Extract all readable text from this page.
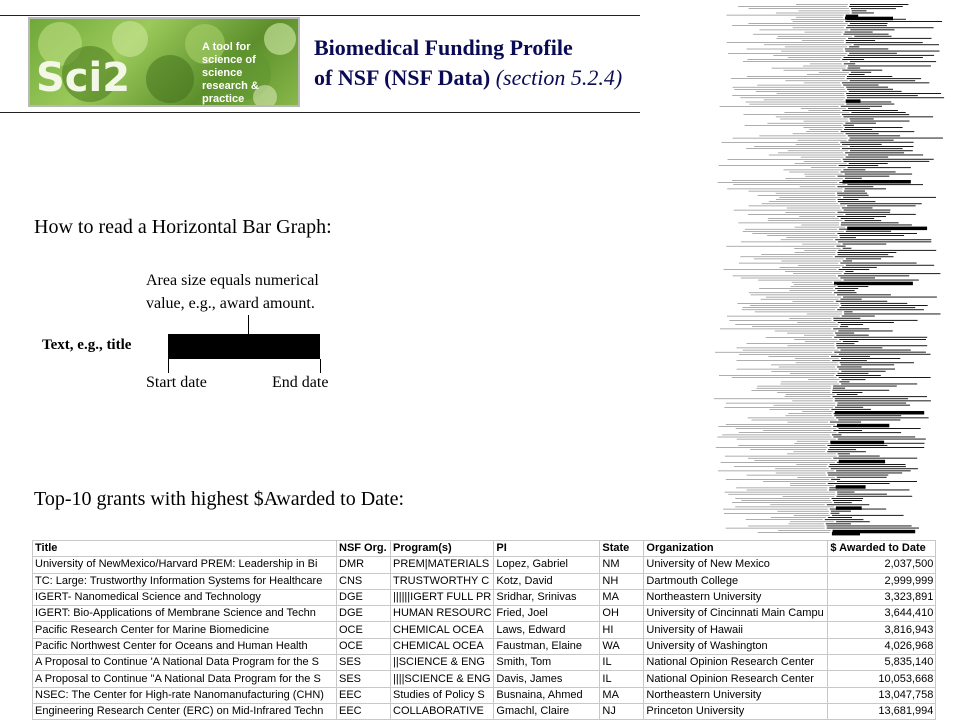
Sci2
A tool for
science of science
research & practice
Biomedical Funding Profile
of NSF (NSF Data) (section 5.2.4)
How to read a Horizontal Bar Graph:
Area size equals numerical
value, e.g., award amount.
Text, e.g., title
Start date	End date
Top-10 grants with highest $Awarded to Date:
Title	NSF Org.	Program(s)	PI	State	Organization	$ Awarded to Date
University of NewMexico/Harvard PREM: Leadership in Bi	DMR	PREM|MATERIALS	Lopez, Gabriel	NM	University of New Mexico	2,037,500
TC: Large: Trustworthy Information Systems for Healthcare	CNS	TRUSTWORTHY C	Kotz, David	NH	Dartmouth College	2,999,999
IGERT- Nanomedical Science and Technology	DGE	||||||IGERT FULL PR	Sridhar, Srinivas	MA	Northeastern University	3,323,891
IGERT: Bio-Applications of Membrane Science and Techn	DGE	HUMAN RESOURC	Fried, Joel	OH	University of Cincinnati Main Campu	3,644,410
Pacific Research Center for Marine Biomedicine	OCE	CHEMICAL OCEA	Laws, Edward	HI	University of Hawaii	3,816,943
Pacific Northwest Center for Oceans and Human Health	OCE	CHEMICAL OCEA	Faustman, Elaine	WA	University of Washington	4,026,968
A Proposal to Continue 'A National Data Program for the S	SES	||SCIENCE & ENG	Smith, Tom	IL	National Opinion Research Center	5,835,140
A Proposal to Continue "A National Data Program for the S	SES	||||SCIENCE & ENG	Davis, James	IL	National Opinion Research Center	10,053,668
NSEC: The Center for High-rate Nanomanufacturing (CHN)	EEC	Studies of Policy S	Busnaina, Ahmed	MA	Northeastern University	13,047,758
Engineering Research Center (ERC) on Mid-Infrared Techn	EEC	COLLABORATIVE	Gmachl, Claire	NJ	Princeton University	13,681,994
